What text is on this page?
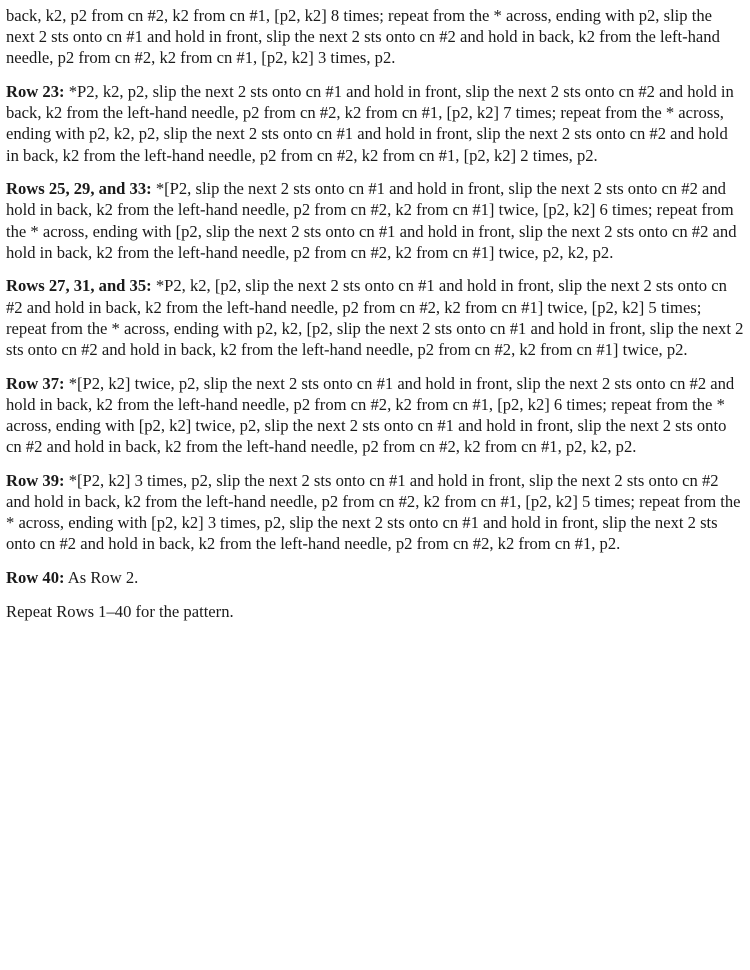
back, k2, p2 from cn #2, k2 from cn #1, [p2, k2] 8 times; repeat from the * across, ending with p2, slip the next 2 sts onto cn #1 and hold in front, slip the next 2 sts onto cn #2 and hold in back, k2 from the left-hand needle, p2 from cn #2, k2 from cn #1, [p2, k2] 3 times, p2.

Row 23: *P2, k2, p2, slip the next 2 sts onto cn #1 and hold in front, slip the next 2 sts onto cn #2 and hold in back, k2 from the left-hand needle, p2 from cn #2, k2 from cn #1, [p2, k2] 7 times; repeat from the * across, ending with p2, k2, p2, slip the next 2 sts onto cn #1 and hold in front, slip the next 2 sts onto cn #2 and hold in back, k2 from the left-hand needle, p2 from cn #2, k2 from cn #1, [p2, k2] 2 times, p2.

Rows 25, 29, and 33: *[P2, slip the next 2 sts onto cn #1 and hold in front, slip the next 2 sts onto cn #2 and hold in back, k2 from the left-hand needle, p2 from cn #2, k2 from cn #1] twice, [p2, k2] 6 times; repeat from the * across, ending with [p2, slip the next 2 sts onto cn #1 and hold in front, slip the next 2 sts onto cn #2 and hold in back, k2 from the left-hand needle, p2 from cn #2, k2 from cn #1] twice, p2, k2, p2.

Rows 27, 31, and 35: *P2, k2, [p2, slip the next 2 sts onto cn #1 and hold in front, slip the next 2 sts onto cn #2 and hold in back, k2 from the left-hand needle, p2 from cn #2, k2 from cn #1] twice, [p2, k2] 5 times; repeat from the * across, ending with p2, k2, [p2, slip the next 2 sts onto cn #1 and hold in front, slip the next 2 sts onto cn #2 and hold in back, k2 from the left-hand needle, p2 from cn #2, k2 from cn #1] twice, p2.

Row 37: *[P2, k2] twice, p2, slip the next 2 sts onto cn #1 and hold in front, slip the next 2 sts onto cn #2 and hold in back, k2 from the left-hand needle, p2 from cn #2, k2 from cn #1, [p2, k2] 6 times; repeat from the * across, ending with [p2, k2] twice, p2, slip the next 2 sts onto cn #1 and hold in front, slip the next 2 sts onto cn #2 and hold in back, k2 from the left-hand needle, p2 from cn #2, k2 from cn #1, p2, k2, p2.

Row 39: *[P2, k2] 3 times, p2, slip the next 2 sts onto cn #1 and hold in front, slip the next 2 sts onto cn #2 and hold in back, k2 from the left-hand needle, p2 from cn #2, k2 from cn #1, [p2, k2] 5 times; repeat from the * across, ending with [p2, k2] 3 times, p2, slip the next 2 sts onto cn #1 and hold in front, slip the next 2 sts onto cn #2 and hold in back, k2 from the left-hand needle, p2 from cn #2, k2 from cn #1, p2.

Row 40: As Row 2.

Repeat Rows 1–40 for the pattern.
